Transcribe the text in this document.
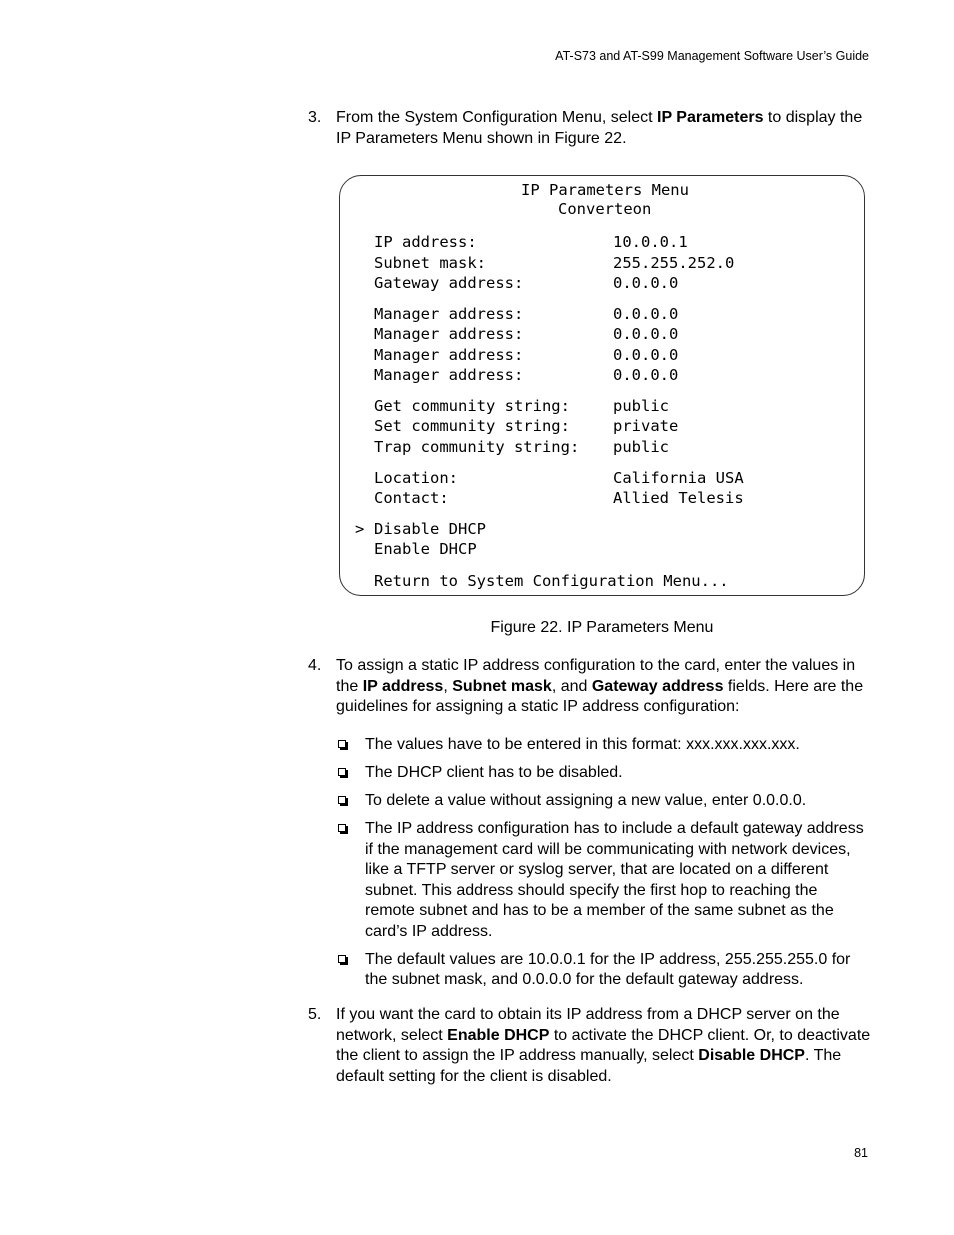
AT-S73 and AT-S99 Management Software User’s Guide
3. From the System Configuration Menu, select IP Parameters to display the IP Parameters Menu shown in Figure 22.
IP Parameters Menu
Converteon
IP address:	10.0.0.1
Subnet mask:	255.255.252.0
Gateway address:	0.0.0.0
Manager address:	0.0.0.0
Manager address:	0.0.0.0
Manager address:	0.0.0.0
Manager address:	0.0.0.0
Get community string:	public
Set community string:	private
Trap community string: public
Location:	California USA
Contact:	Allied Telesis
> Disable DHCP
Enable DHCP
Return to System Configuration Menu...
Figure 22. IP Parameters Menu
4. To assign a static IP address configuration to the card, enter the values in the IP address, Subnet mask, and Gateway address fields. Here are the guidelines for assigning a static IP address configuration:
The values have to be entered in this format: xxx.xxx.xxx.xxx.
The DHCP client has to be disabled.
To delete a value without assigning a new value, enter 0.0.0.0.
The IP address configuration has to include a default gateway address if the management card will be communicating with network devices, like a TFTP server or syslog server, that are located on a different subnet. This address should specify the first hop to reaching the remote subnet and has to be a member of the same subnet as the card’s IP address.
The default values are 10.0.0.1 for the IP address, 255.255.255.0 for the subnet mask, and 0.0.0.0 for the default gateway address.
5. If you want the card to obtain its IP address from a DHCP server on the network, select Enable DHCP to activate the DHCP client. Or, to deactivate the client to assign the IP address manually, select Disable DHCP. The default setting for the client is disabled.
81
